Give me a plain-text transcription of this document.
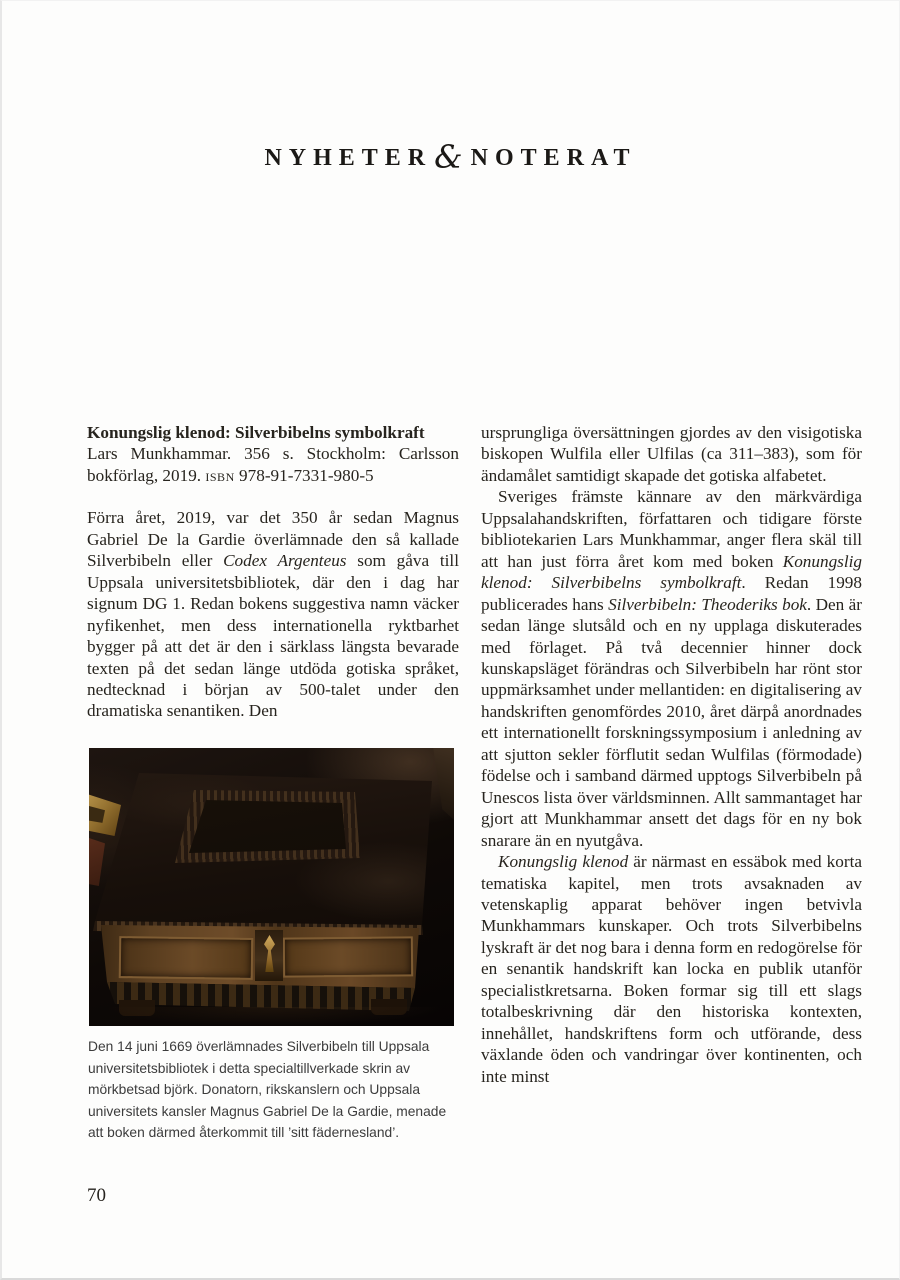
NYHETER& NOTERAT

Konungslig klenod: Silverbibelns symbolkraft

Lars Munkhammar. 356 s. Stockholm: Carlsson bokförlag, 2019. isbn 978-91-7331-980-5

Förra året, 2019, var det 350 år sedan Magnus Gabriel De la Gardie överlämnade den så kallade Silverbibeln eller Codex Argenteus som gåva till Uppsala universitetsbibliotek, där den i dag har signum DG 1. Redan bokens suggestiva namn väcker nyfikenhet, men dess internationella ryktbarhet bygger på att det är den i särklass längsta bevarade texten på det sedan länge utdöda gotiska språket, nedtecknad i början av 500-talet under den dramatiska senantiken. Den

Den 14 juni 1669 överlämnades Silverbibeln till Uppsala universitetsbibliotek i detta specialtillverkade skrin av mörkbetsad björk. Donatorn, rikskanslern och Uppsala universitets kansler Magnus Gabriel De la Gardie, menade att boken därmed återkommit till ’sitt fädernesland’.

ursprungliga översättningen gjordes av den visigotiska biskopen Wulfila eller Ulfilas (ca 311–383), som för ändamålet samtidigt skapade det gotiska alfabetet.

Sveriges främste kännare av den märkvärdiga Uppsalahandskriften, författaren och tidigare förste bibliotekarien Lars Munkhammar, anger flera skäl till att han just förra året kom med boken Konungslig klenod: Silverbibelns symbolkraft. Redan 1998 publicerades hans Silverbibeln: Theoderiks bok. Den är sedan länge slutsåld och en ny upplaga diskuterades med förlaget. På två decennier hinner dock kunskapsläget förändras och Silverbibeln har rönt stor uppmärksamhet under mellantiden: en digitalisering av handskriften genomfördes 2010, året därpå anordnades ett internationellt forskningssymposium i anledning av att sjutton sekler förflutit sedan Wulfilas (förmodade) födelse och i samband därmed upptogs Silverbibeln på Unescos lista över världsminnen. Allt sammantaget har gjort att Munkhammar ansett det dags för en ny bok snarare än en nyutgåva.

Konungslig klenod är närmast en essäbok med korta tematiska kapitel, men trots avsaknaden av vetenskaplig apparat behöver ingen betvivla Munkhammars kunskaper. Och trots Silverbibelns lyskraft är det nog bara i denna form en redogörelse för en senantik handskrift kan locka en publik utanför specialistkretsarna. Boken formar sig till ett slags totalbeskrivning där den historiska kontexten, innehållet, handskriftens form och utförande, dess växlande öden och vandringar över kontinenten, och inte minst

70
